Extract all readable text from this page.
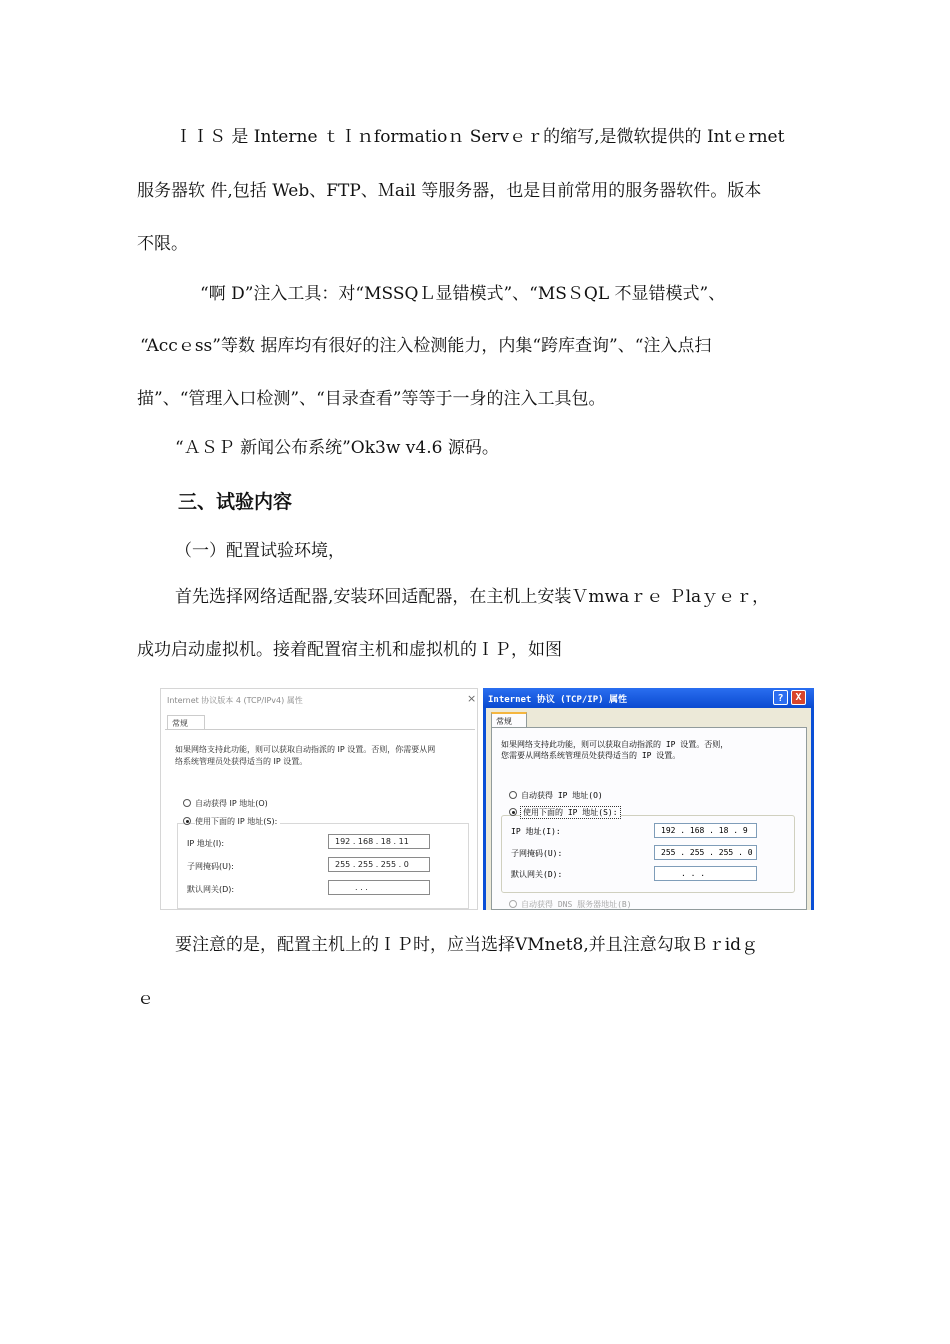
ＩＩＳ 是 Interne ｔＩｎformatioｎ Servｅｒ的缩写,是微软提供的 Intｅrnet
服务器软 件,包括 Web、FTP、Ｍail 等服务器，也是目前常用的服务器软件。版本
不限。
“啊 D”注入工具：对“MSSQＬ显错模式”、“MSＳQL 不显错模式”、
“Accｅss”等数 据库均有很好的注入检测能力，内集“跨库查询”、“注入点扫
描”、“管理入口检测”、“目录查看”等等于一身的注入工具包。
“ＡＳＰ 新闻公布系统”Ok3w v4.6 源码。
三、试验内容
（一）配置试验环境，
首先选择网络适配器,安装环回适配器，在主机上安装Ｖmwaｒｅ Ｐlaｙｅｒ，
成功启动虚拟机。接着配置宿主机和虚拟机的ＩＰ，如图
Internet 协议版本 4 (TCP/IPv4) 属性	×
常规
如果网络支持此功能，则可以获取自动指派的 IP 设置。否则，你需要从网
络系统管理员处获得适当的 IP 设置。
自动获得 IP 地址(O)
使用下面的 IP 地址(S):
IP 地址(I):	192 . 168 . 18 . 11
子网掩码(U):	255 . 255 . 255 . 0
默认网关(D):	. . .
Internet 协议 (TCP/IP) 属性	?	X
常规
如果网络支持此功能，则可以获取自动指派的 IP 设置。否则，
您需要从网络系统管理员处获得适当的 IP 设置。
自动获得 IP 地址(O)
使用下面的 IP 地址(S):
IP 地址(I):	192 . 168 . 18 . 9
子网掩码(U):	255 . 255 . 255 . 0
默认网关(D):	. . .
自动获得 DNS 服务器地址(B)
要注意的是，配置主机上的ＩＰ时，应当选择VMnet8,并且注意勾取Ｂｒidｇ
ｅ
